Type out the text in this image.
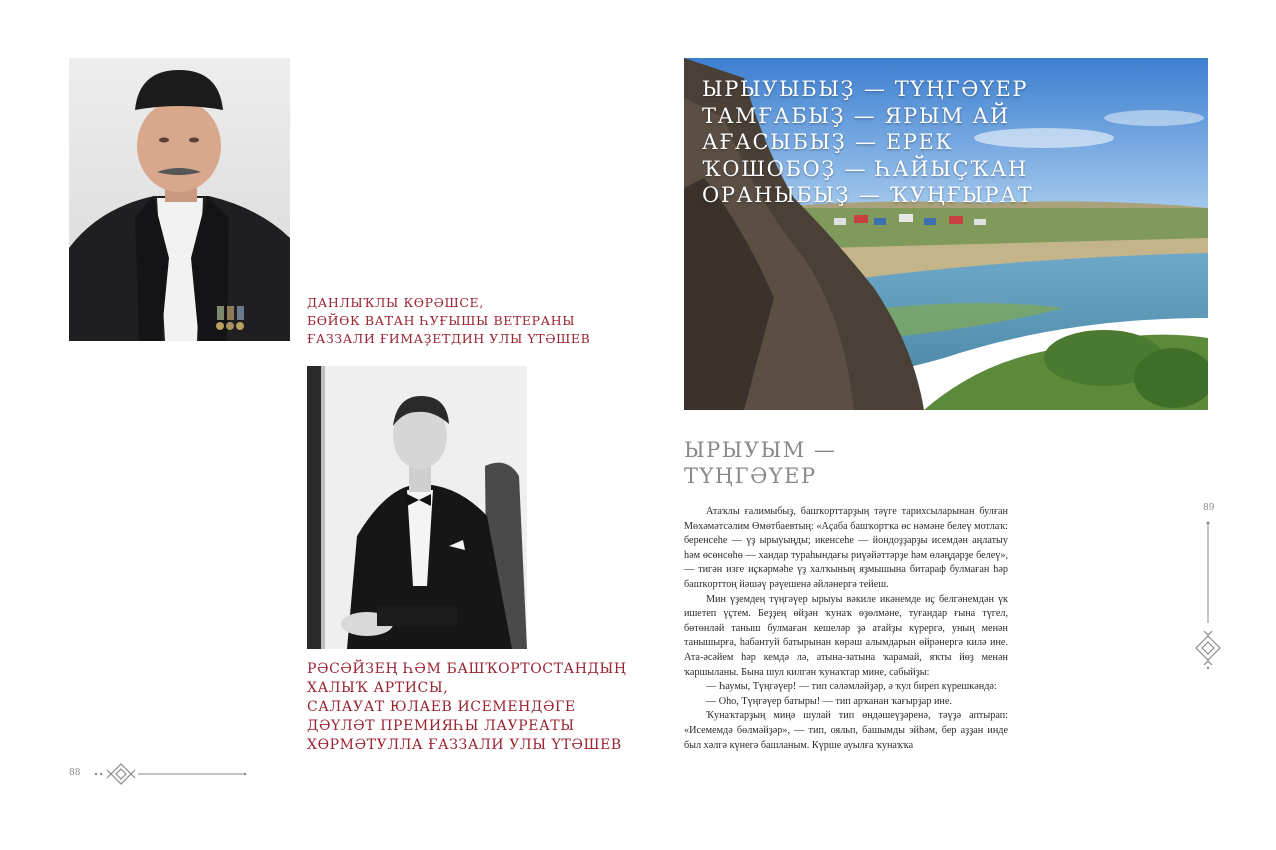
ДАНЛЫҠЛЫ КӨРӘШСЕ,
БӨЙӨК ВАТАН ҺУҒЫШЫ ВЕТЕРАНЫ
ҒАЗЗАЛИ ҒИМАҘЕТДИН УЛЫ ҮТӘШЕВ
РӘСӘЙЗЕҢ ҺӘМ БАШҠОРТОСТАНДЫҢ
ХАЛЫҠ АРТИСЫ,
САЛАУАТ ЮЛАЕВ ИСЕМЕНДӘГЕ
ДӘҮЛӘТ ПРЕМИЯҺЫ ЛАУРЕАТЫ
ХӨРМӘТУЛЛА ҒАЗЗАЛИ УЛЫ ҮТӘШЕВ
88
ЫРЫУЫБЫҘ — ТҮҢГӘҮЕР
ТАМҒАБЫҘ — ЯРЫМ АЙ
АҒАСЫБЫҘ — ЕРЕК
ҠОШОБОҘ — ҺАЙЫҪҠАН
ОРАНЫБЫҘ — ҠУҢҒЫРАТ
ЫРЫУЫМ —
ТҮҢГӘҮЕР

Атаҡлы ғалимыбыҙ, башҡорттарҙың тәүге тарихсыларынан булған Мөхәмәтсәлим Өмөтбаевтың: «Аҫаба башҡортҡа өс нәмәне белеү мотлаҡ: беренсеһе — үҙ ырыуыңды; икенсеһе — йондоҙҙарҙы исемдән аңлатыу һәм өсөнсөһө — хандар тураһындағы риүәйәттәрҙе һәм өләңдәрҙе белеү», — тигән изге иҫкәрмәһе үҙ халҡының яҙмышына битараф булмаған һәр башҡорттоң йәшәү рәүешенә әйләнергә тейеш.

Мин үҙемдең түңгәүер ырыуы вәкиле икәнемде иҫ белгәнемдән үк ишетеп үҫтем. Беҙҙең өйҙән ҡунаҡ өҙөлмәне, туғандар ғына түгел, бөтөнләй таныш булмаған кешеләр ҙә атайҙы күрергә, уның менән танышырға, һабантуй батырынан көрәш алымдарын өйрәнергә килә ине. Ата-әсәйем һәр кемдә лә, атына-затына ҡарамай, яҡты йөҙ менән ҡаршыланы. Бына шул килгән ҡунаҡтар мине, сабыйҙы:

— Һаумы, Түңгәүер! — тип сәләмләйҙәр, ә ҡул биреп күрешкәндә:

— Оһо, Түңгәүер батыры! — тип арҡанан ҡағырҙар ине.

Ҡунаҡтарҙың миңә шулай тип өндәшеүҙәренә, тәүҙә аптырап: «Исемемдә бөлмәйҙәр», — тип, ояльп, башымды эйһәм, бер аҙҙан инде был хәлгә күнегә башланым. Күрше ауылға ҡунаҡҡа

89
